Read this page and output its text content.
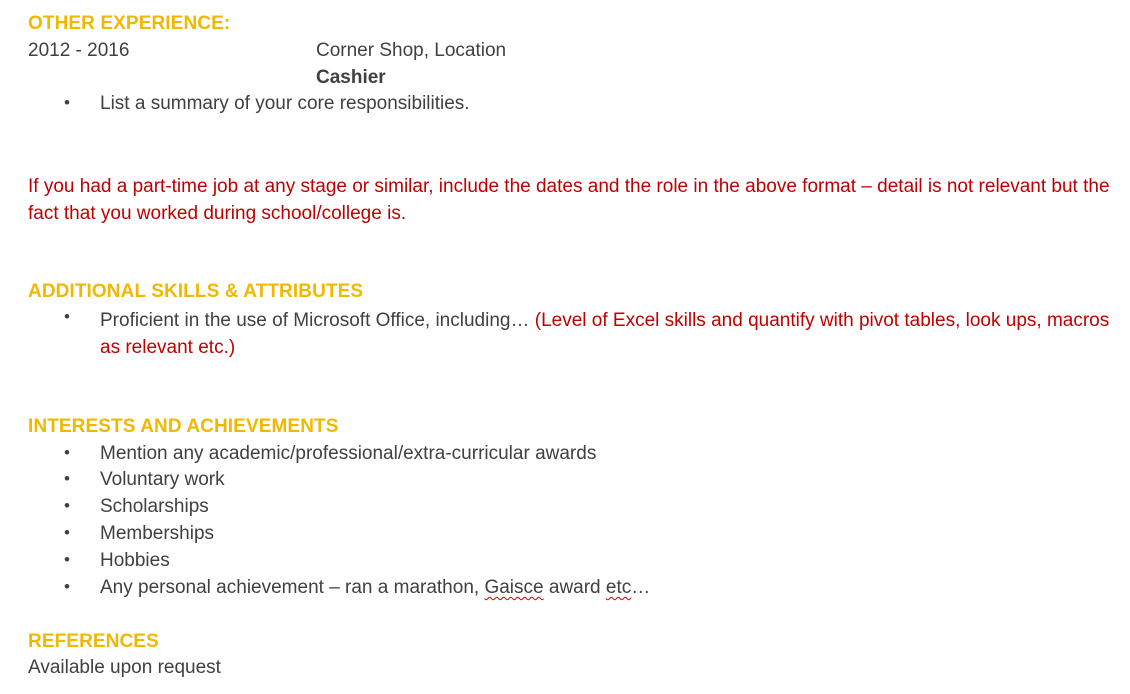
OTHER EXPERIENCE:
2012 - 2016	Corner Shop, Location
Cashier
•	List a summary of your core responsibilities.
If you had a part-time job at any stage or similar, include the dates and the role in the above format – detail is not relevant but the fact that you worked during school/college is.
ADDITIONAL SKILLS & ATTRIBUTES
•	Proficient in the use of Microsoft Office, including… (Level of Excel skills and quantify with pivot tables, look ups, macros as relevant etc.)
INTERESTS AND ACHIEVEMENTS
•	Mention any academic/professional/extra-curricular awards
•	Voluntary work
•	Scholarships
•	Memberships
•	Hobbies
•	Any personal achievement – ran a marathon, Gaisce award etc…
REFERENCES
Available upon request
